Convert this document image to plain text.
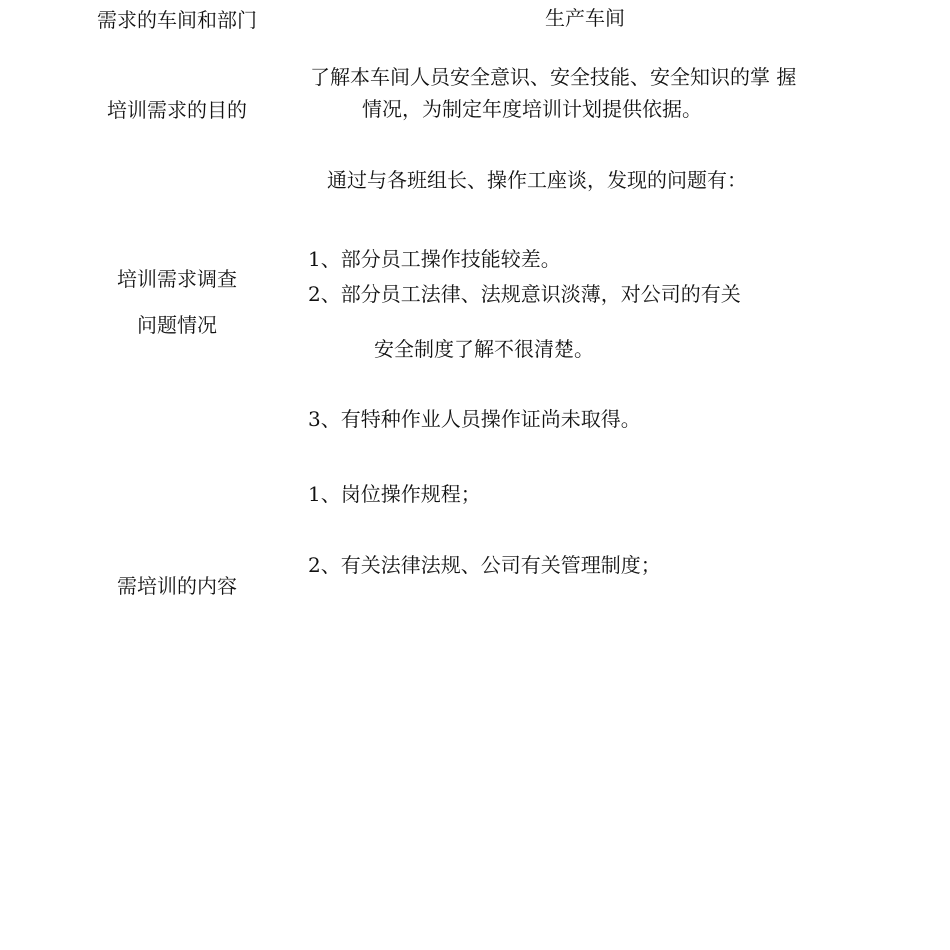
需求的车间和部门	生产车间
培训需求的目的
了解本车间人员安全意识、安全技能、安全知识的掌 握
情况，为制定年度培训计划提供依据。
通过与各班组长、操作工座谈，发现的问题有：
培训需求调查
问题情况
1、部分员工操作技能较差。
2、部分员工法律、法规意识淡薄，对公司的有关
安全制度了解不很清楚。
3、有特种作业人员操作证尚未取得。
需培训的内容
1、岗位操作规程；
2、有关法律法规、公司有关管理制度；
